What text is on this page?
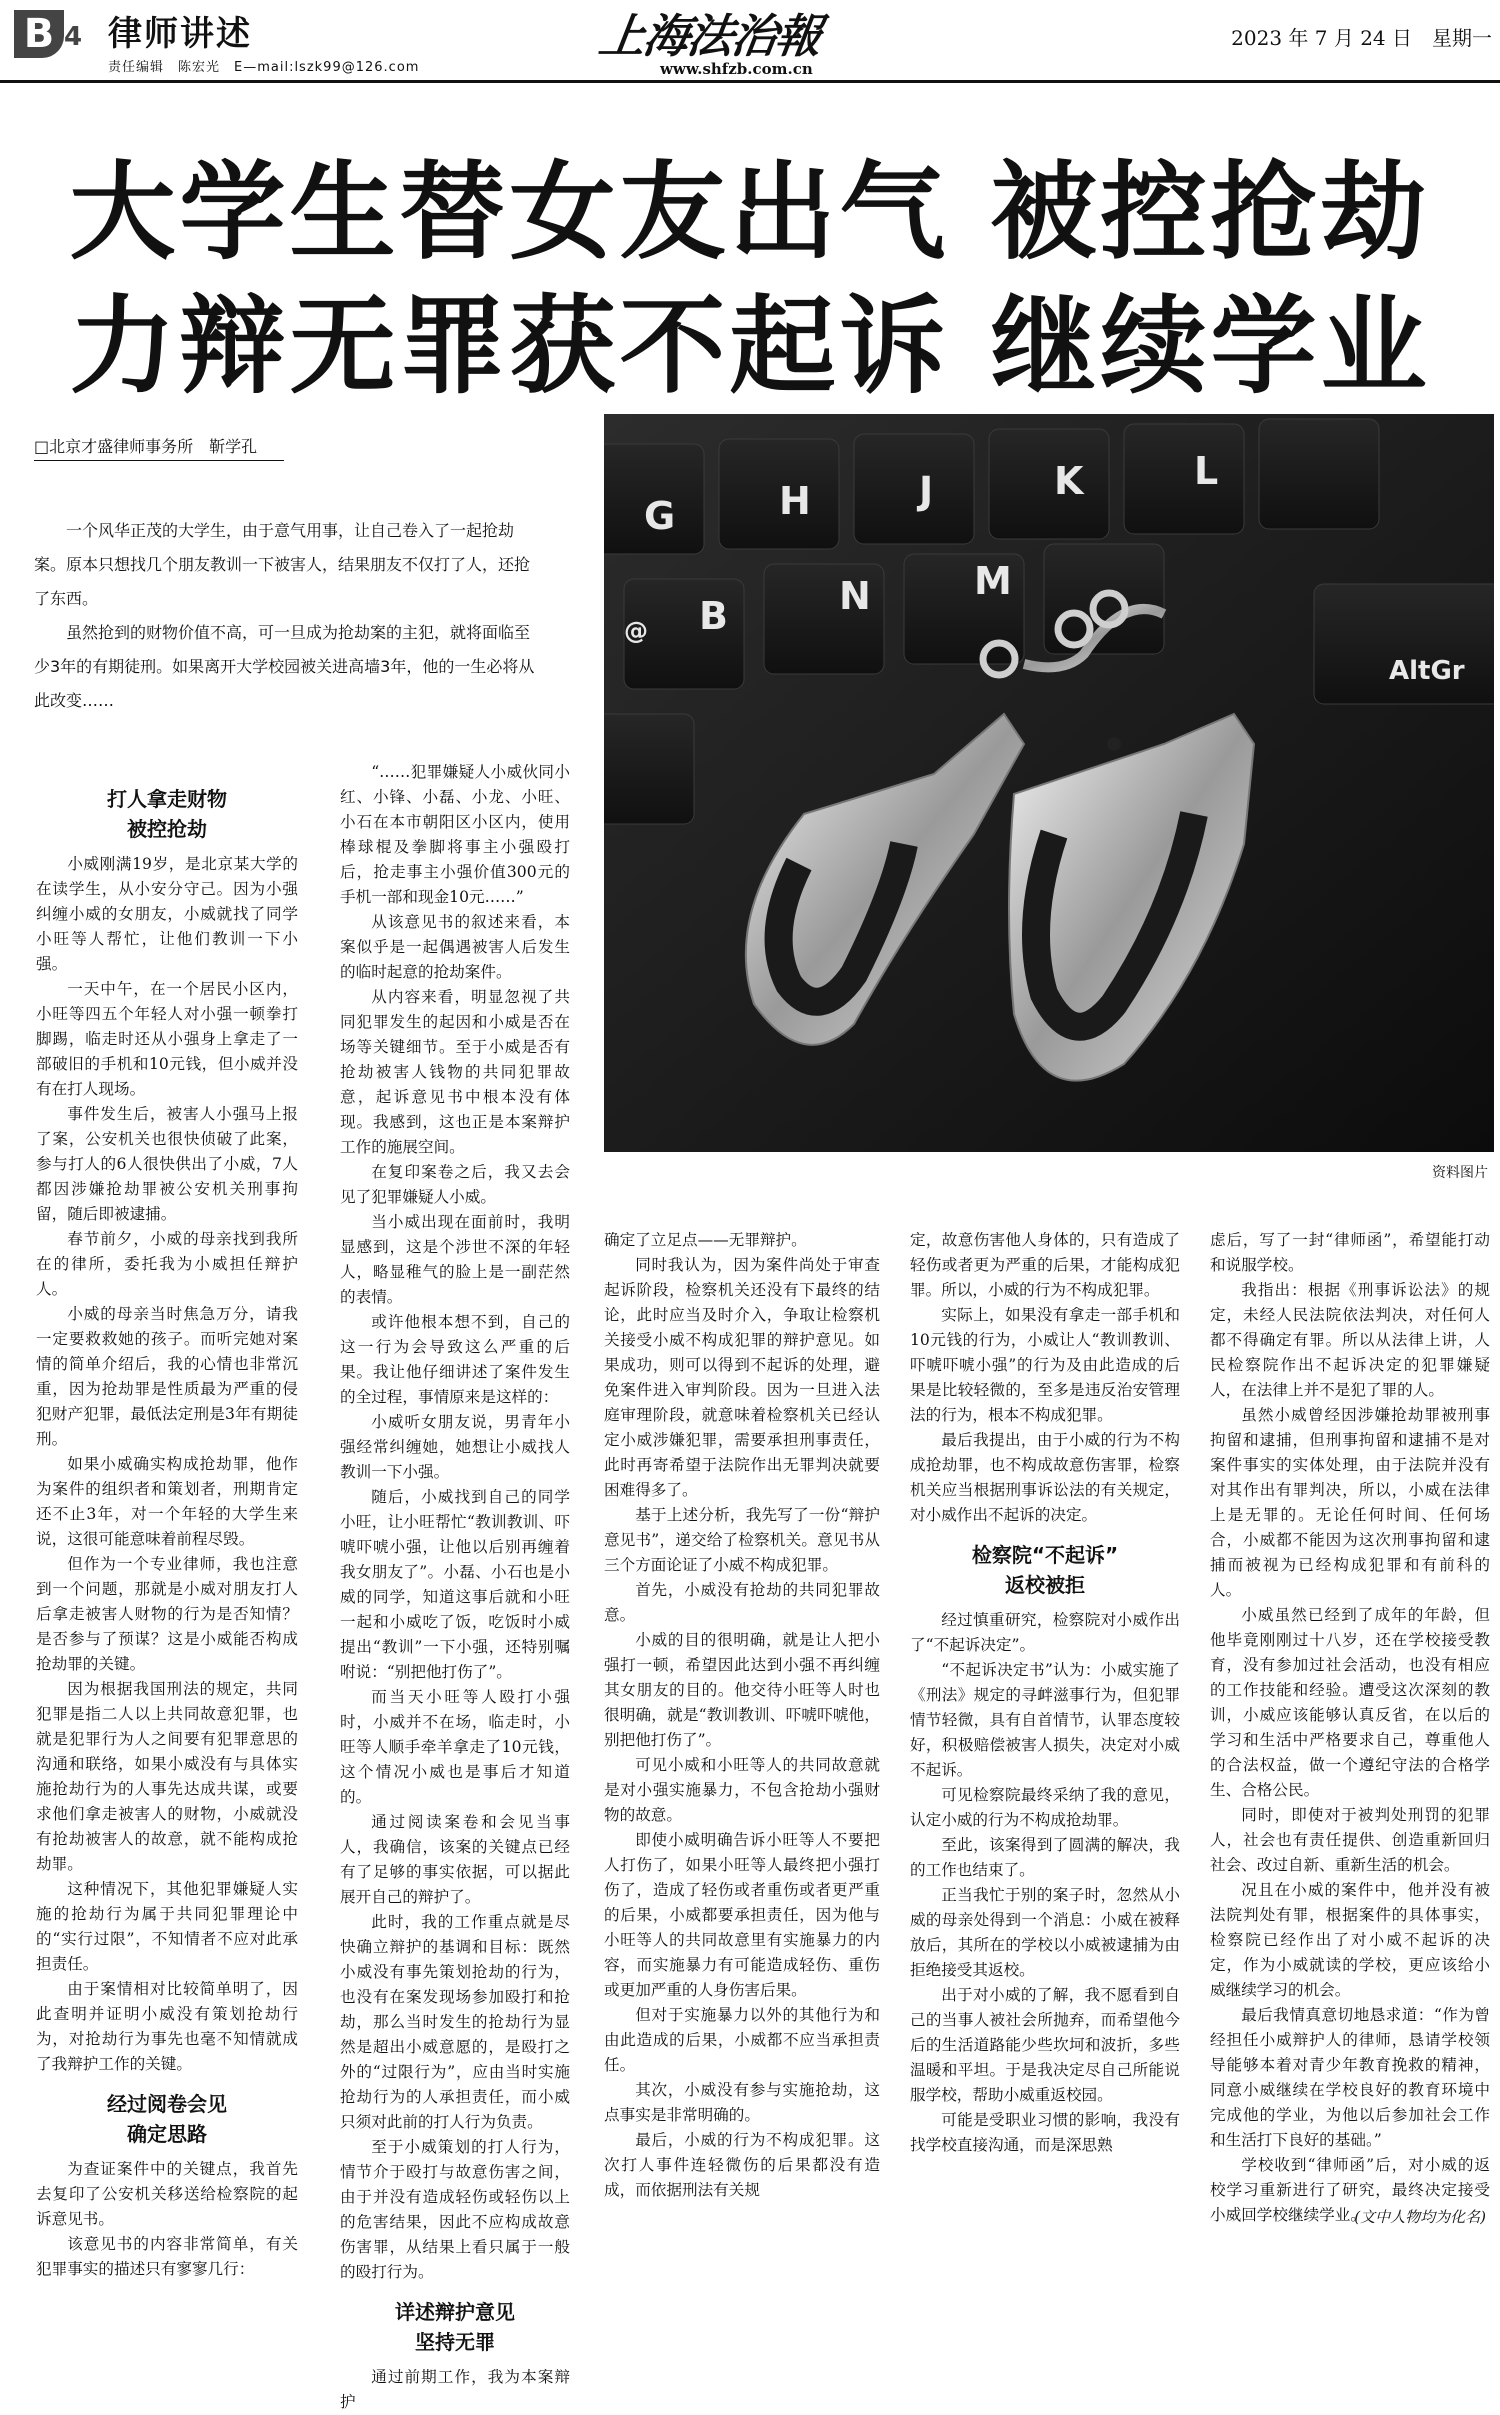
B 4 律师讲述
责任编辑　陈宏光　E—mail:lszk99@126.com
上海法治報
www.shfzb.com.cn
2023 年 7 月 24 日　星期一
大学生替女友出气 被控抢劫
力辩无罪获不起诉 继续学业
□北京才盛律师事务所　靳学孔

一个风华正茂的大学生，由于意气用事，让自己卷入了一起抢劫案。原本只想找几个朋友教训一下被害人，结果朋友不仅打了人，还抢了东西。

虽然抢到的财物价值不高，可一旦成为抢劫案的主犯，就将面临至少3年的有期徒刑。如果离开大学校园被关进高墙3年，他的一生必将从此改变……

G	H	J	K	L
B	N	M
@
AltGr
资料图片
打人拿走财物
被控抢劫

小威刚满19岁，是北京某大学的在读学生，从小安分守己。因为小强纠缠小威的女朋友，小威就找了同学小旺等人帮忙，让他们教训一下小强。

一天中午，在一个居民小区内，小旺等四五个年轻人对小强一顿拳打脚踢，临走时还从小强身上拿走了一部破旧的手机和10元钱，但小威并没有在打人现场。

事件发生后，被害人小强马上报了案，公安机关也很快侦破了此案，参与打人的6人很快供出了小威，7人都因涉嫌抢劫罪被公安机关刑事拘留，随后即被逮捕。

春节前夕，小威的母亲找到我所在的律所，委托我为小威担任辩护人。

小威的母亲当时焦急万分，请我一定要救救她的孩子。而听完她对案情的简单介绍后，我的心情也非常沉重，因为抢劫罪是性质最为严重的侵犯财产犯罪，最低法定刑是3年有期徒刑。

如果小威确实构成抢劫罪，他作为案件的组织者和策划者，刑期肯定还不止3年，对一个年轻的大学生来说，这很可能意味着前程尽毁。

但作为一个专业律师，我也注意到一个问题，那就是小威对朋友打人后拿走被害人财物的行为是否知情？是否参与了预谋？这是小威能否构成抢劫罪的关键。

因为根据我国刑法的规定，共同犯罪是指二人以上共同故意犯罪，也就是犯罪行为人之间要有犯罪意思的沟通和联络，如果小威没有与具体实施抢劫行为的人事先达成共谋，或要求他们拿走被害人的财物，小威就没有抢劫被害人的故意，就不能构成抢劫罪。

这种情况下，其他犯罪嫌疑人实施的抢劫行为属于共同犯罪理论中的“实行过限”，不知情者不应对此承担责任。

由于案情相对比较简单明了，因此查明并证明小威没有策划抢劫行为，对抢劫行为事先也毫不知情就成了我辩护工作的关键。

经过阅卷会见
确定思路

为查证案件中的关键点，我首先去复印了公安机关移送给检察院的起诉意见书。

该意见书的内容非常简单，有关犯罪事实的描述只有寥寥几行：

“……犯罪嫌疑人小威伙同小红、小锋、小磊、小龙、小旺、小石在本市朝阳区小区内，使用棒球棍及拳脚将事主小强殴打后，抢走事主小强价值300元的手机一部和现金10元……”

从该意见书的叙述来看，本案似乎是一起偶遇被害人后发生的临时起意的抢劫案件。

从内容来看，明显忽视了共同犯罪发生的起因和小威是否在场等关键细节。至于小威是否有抢劫被害人钱物的共同犯罪故意，起诉意见书中根本没有体现。我感到，这也正是本案辩护工作的施展空间。

在复印案卷之后，我又去会见了犯罪嫌疑人小威。

当小威出现在面前时，我明显感到，这是个涉世不深的年轻人，略显稚气的脸上是一副茫然的表情。

或许他根本想不到，自己的这一行为会导致这么严重的后果。我让他仔细讲述了案件发生的全过程，事情原来是这样的：

小威听女朋友说，男青年小强经常纠缠她，她想让小威找人教训一下小强。

随后，小威找到自己的同学小旺，让小旺帮忙“教训教训、吓唬吓唬小强，让他以后别再缠着我女朋友了”。小磊、小石也是小威的同学，知道这事后就和小旺一起和小威吃了饭，吃饭时小威提出“教训”一下小强，还特别嘱咐说：“别把他打伤了”。

而当天小旺等人殴打小强时，小威并不在场，临走时，小旺等人顺手牵羊拿走了10元钱，这个情况小威也是事后才知道的。

通过阅读案卷和会见当事人，我确信，该案的关键点已经有了足够的事实依据，可以据此展开自己的辩护了。

此时，我的工作重点就是尽快确立辩护的基调和目标：既然小威没有事先策划抢劫的行为，也没有在案发现场参加殴打和抢劫，那么当时发生的抢劫行为显然是超出小威意愿的，是殴打之外的“过限行为”，应由当时实施抢劫行为的人承担责任，而小威只须对此前的打人行为负责。

至于小威策划的打人行为，情节介于殴打与故意伤害之间，由于并没有造成轻伤或轻伤以上的危害结果，因此不应构成故意伤害罪，从结果上看只属于一般的殴打行为。

详述辩护意见
坚持无罪

通过前期工作，我为本案辩护

确定了立足点——无罪辩护。

同时我认为，因为案件尚处于审查起诉阶段，检察机关还没有下最终的结论，此时应当及时介入，争取让检察机关接受小威不构成犯罪的辩护意见。如果成功，则可以得到不起诉的处理，避免案件进入审判阶段。因为一旦进入法庭审理阶段，就意味着检察机关已经认定小威涉嫌犯罪，需要承担刑事责任，此时再寄希望于法院作出无罪判决就要困难得多了。

基于上述分析，我先写了一份“辩护意见书”，递交给了检察机关。意见书从三个方面论证了小威不构成犯罪。

首先，小威没有抢劫的共同犯罪故意。

小威的目的很明确，就是让人把小强打一顿，希望因此达到小强不再纠缠其女朋友的目的。他交待小旺等人时也很明确，就是“教训教训、吓唬吓唬他，别把他打伤了”。

可见小威和小旺等人的共同故意就是对小强实施暴力，不包含抢劫小强财物的故意。

即使小威明确告诉小旺等人不要把人打伤了，如果小旺等人最终把小强打伤了，造成了轻伤或者重伤或者更严重的后果，小威都要承担责任，因为他与小旺等人的共同故意里有实施暴力的内容，而实施暴力有可能造成轻伤、重伤或更加严重的人身伤害后果。

但对于实施暴力以外的其他行为和由此造成的后果，小威都不应当承担责任。

其次，小威没有参与实施抢劫，这点事实是非常明确的。

最后，小威的行为不构成犯罪。这次打人事件连轻微伤的后果都没有造成，而依据刑法有关规

定，故意伤害他人身体的，只有造成了轻伤或者更为严重的后果，才能构成犯罪。所以，小威的行为不构成犯罪。

实际上，如果没有拿走一部手机和10元钱的行为，小威让人“教训教训、吓唬吓唬小强”的行为及由此造成的后果是比较轻微的，至多是违反治安管理法的行为，根本不构成犯罪。

最后我提出，由于小威的行为不构成抢劫罪，也不构成故意伤害罪，检察机关应当根据刑事诉讼法的有关规定，对小威作出不起诉的决定。

检察院“不起诉”
返校被拒

经过慎重研究，检察院对小威作出了“不起诉决定”。

“不起诉决定书”认为：小威实施了《刑法》规定的寻衅滋事行为，但犯罪情节轻微，具有自首情节，认罪态度较好，积极赔偿被害人损失，决定对小威不起诉。

可见检察院最终采纳了我的意见，认定小威的行为不构成抢劫罪。

至此，该案得到了圆满的解决，我的工作也结束了。

正当我忙于别的案子时，忽然从小威的母亲处得到一个消息：小威在被释放后，其所在的学校以小威被逮捕为由拒绝接受其返校。

出于对小威的了解，我不愿看到自己的当事人被社会所抛弃，而希望他今后的生活道路能少些坎坷和波折，多些温暖和平坦。于是我决定尽自己所能说服学校，帮助小威重返校园。

可能是受职业习惯的影响，我没有找学校直接沟通，而是深思熟

虑后，写了一封“律师函”，希望能打动和说服学校。

我指出：根据《刑事诉讼法》的规定，未经人民法院依法判决，对任何人都不得确定有罪。所以从法律上讲，人民检察院作出不起诉决定的犯罪嫌疑人，在法律上并不是犯了罪的人。

虽然小威曾经因涉嫌抢劫罪被刑事拘留和逮捕，但刑事拘留和逮捕不是对案件事实的实体处理，由于法院并没有对其作出有罪判决，所以，小威在法律上是无罪的。无论任何时间、任何场合，小威都不能因为这次刑事拘留和逮捕而被视为已经构成犯罪和有前科的人。

小威虽然已经到了成年的年龄，但他毕竟刚刚过十八岁，还在学校接受教育，没有参加过社会活动，也没有相应的工作技能和经验。遭受这次深刻的教训，小威应该能够认真反省，在以后的学习和生活中严格要求自己，尊重他人的合法权益，做一个遵纪守法的合格学生、合格公民。

同时，即使对于被判处刑罚的犯罪人，社会也有责任提供、创造重新回归社会、改过自新、重新生活的机会。

况且在小威的案件中，他并没有被法院判处有罪，根据案件的具体事实，检察院已经作出了对小威不起诉的决定，作为小威就读的学校，更应该给小威继续学习的机会。

最后我情真意切地恳求道：“作为曾经担任小威辩护人的律师，恳请学校领导能够本着对青少年教育挽救的精神，同意小威继续在学校良好的教育环境中完成他的学业，为他以后参加社会工作和生活打下良好的基础。”

学校收到“律师函”后，对小威的返校学习重新进行了研究，最终决定接受小威回学校继续学业。

(文中人物均为化名)
